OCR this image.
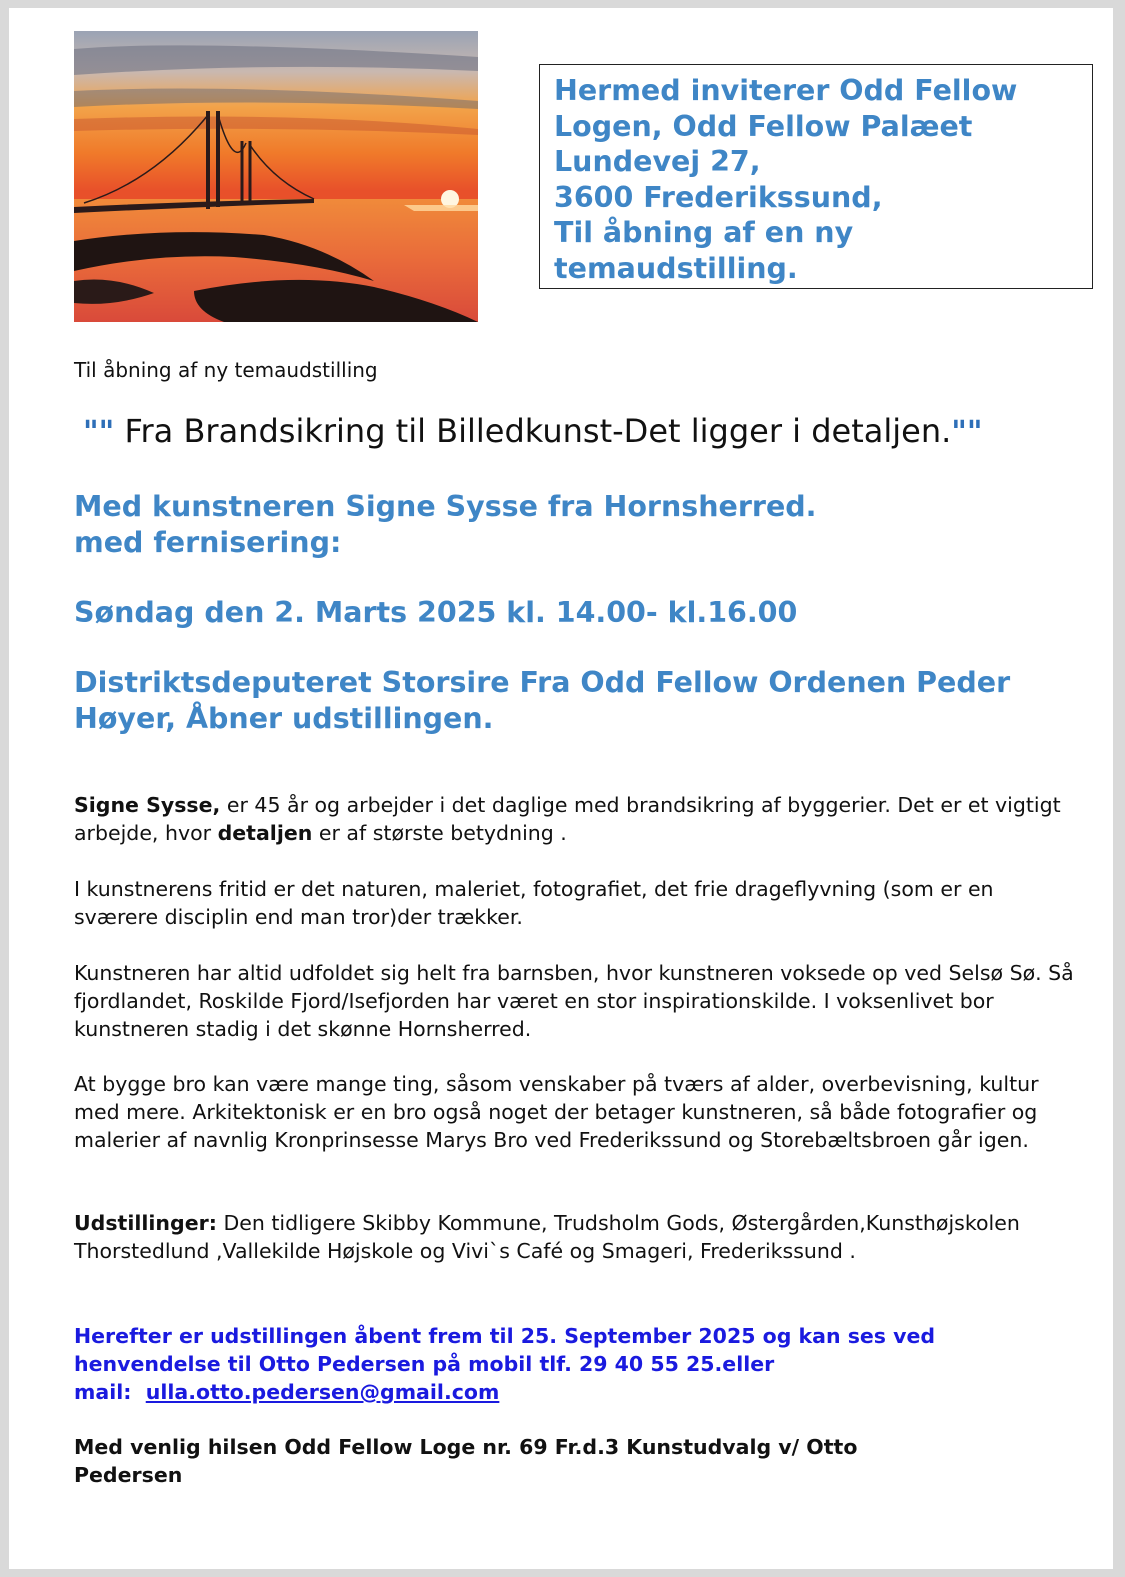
Hermed inviterer Odd Fellow
Logen, Odd Fellow Palæet
Lundevej 27,
3600 Frederikssund,
Til åbning af en ny
temaudstilling.
Til åbning af ny temaudstilling
"" Fra Brandsikring til Billedkunst-Det ligger i detaljen.""
Med kunstneren Signe Sysse fra Hornsherred.
med fernisering:
Søndag den 2. Marts 2025 kl. 14.00- kl.16.00
Distriktsdeputeret Storsire Fra Odd Fellow Ordenen Peder
Høyer, Åbner udstillingen.

Signe Sysse, er 45 år og arbejder i det daglige med brandsikring af byggerier. Det er et vigtigt arbejde, hvor detaljen er af største betydning .

I kunstnerens fritid er det naturen, maleriet, fotografiet, det frie drageflyvning (som er en sværere disciplin end man tror)der trækker.

Kunstneren har altid udfoldet sig helt fra barnsben, hvor kunstneren voksede op ved Selsø Sø. Så fjordlandet, Roskilde Fjord/Isefjorden har været en stor inspirationskilde. I voksenlivet bor kunstneren stadig i det skønne Hornsherred.

At bygge bro kan være mange ting, såsom venskaber på tværs af alder, overbevisning, kultur med mere. Arkitektonisk er en bro også noget der betager kunstneren, så både fotografier og malerier af navnlig Kronprinsesse Marys Bro ved Frederikssund og Storebæltsbroen går igen.

Udstillinger: Den tidligere Skibby Kommune, Trudsholm Gods, Østergården,Kunsthøjskolen Thorstedlund ,Vallekilde Højskole og Vivi`s Café og Smageri, Frederikssund .

Herefter er udstillingen åbent frem til 25. September 2025 og kan ses ved
henvendelse til Otto Pedersen på mobil tlf. 29 40 55 25.eller
mail:  ulla.otto.pedersen@gmail.com
Med venlig hilsen Odd Fellow Loge nr. 69 Fr.d.3 Kunstudvalg v/ Otto
Pedersen
